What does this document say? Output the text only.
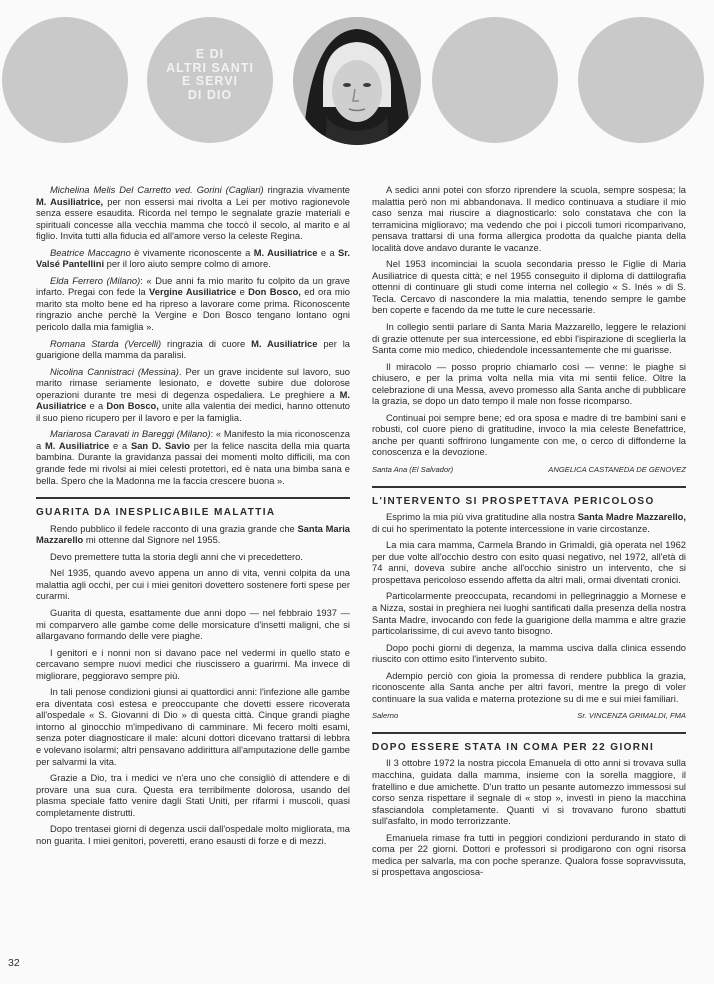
E DI
ALTRI SANTI
E SERVI
DI DIO

Michelina Melis Del Carretto ved. Gorini (Cagliari) ringrazia vivamente M. Ausiliatrice, per non essersi mai rivolta a Lei per motivo ragionevole senza essere esaudita. Ricorda nel tempo le segnalate grazie materiali e spirituali concesse alla vecchia mamma che toccò il secolo, al marito e al figlio. Invita tutti alla fiducia ed all'amore verso la celeste Regina.

Beatrice Maccagno è vivamente riconoscente a M. Ausiliatrice e a Sr. Valsé Pantellini per il loro aiuto sempre colmo di amore.

Elda Ferrero (Milano): « Due anni fa mio marito fu colpito da un grave infarto. Pregai con fede la Vergine Ausiliatrice e Don Bosco, ed ora mio marito sta molto bene ed ha ripreso a lavorare come prima. Riconoscente ringrazio anche perchè la Vergine e Don Bosco tengano lontano ogni pericolo dalla mia famiglia ».

Romana Starda (Vercelli) ringrazia di cuore M. Ausiliatrice per la guarigione della mamma da paralisi.

Nicolina Cannistraci (Messina). Per un grave incidente sul lavoro, suo marito rimase seriamente lesionato, e dovette subire due dolorose operazioni durante tre mesi di degenza ospedaliera. Le preghiere a M. Ausiliatrice e a Don Bosco, unite alla valentia dei medici, hanno ottenuto il suo pieno ricupero per il lavoro e per la famiglia.

Mariarosa Caravati in Bareggi (Milano): « Manifesto la mia riconoscenza a M. Ausiliatrice e a San D. Savio per la felice nascita della mia quarta bambina. Durante la gravidanza passai dei momenti molto difficili, ma con grande fede mi rivolsi ai miei celesti protettori, ed è nata una bimba sana e bella. Spero che la Madonna me la faccia crescere buona ».

GUARITA DA INESPLICABILE MALATTIA

Rendo pubblico il fedele racconto di una grazia grande che Santa Maria Mazzarello mi ottenne dal Signore nel 1955.

Devo premettere tutta la storia degli anni che vi precedettero.

Nel 1935, quando avevo appena un anno di vita, venni colpita da una malattia agli occhi, per cui i miei genitori dovettero sostenere forti spese per curarmi.

Guarita di questa, esattamente due anni dopo — nel febbraio 1937 — mi comparvero alle gambe come delle morsicature d'insetti maligni, che si allargavano formando delle vere piaghe.

I genitori e i nonni non si davano pace nel vedermi in quello stato e cercavano sempre nuovi medici che riuscissero a guarirmi. Ma invece di migliorare, peggioravo sempre più.

In tali penose condizioni giunsi ai quattordici anni: l'infezione alle gambe era diventata così estesa e preoccupante che dovetti essere ricoverata all'ospedale « S. Giovanni di Dio » di questa città. Cinque grandi piaghe intorno al ginocchio m'impedivano di camminare. Mi fecero molti esami, senza poter diagnosticare il male: alcuni dottori dicevano trattarsi di lebbra e volevano isolarmi; altri pensavano addirittura all'amputazione delle gambe per salvarmi la vita.

Grazie a Dio, tra i medici ve n'era uno che consigliò di attendere e di provare una sua cura. Questa era terribilmente dolorosa, usando del plasma speciale fatto venire dagli Stati Uniti, per rifarmi i muscoli, quasi completamente distrutti.

Dopo trentasei giorni di degenza uscii dall'ospedale molto migliorata, ma non guarita. I miei genitori, poveretti, erano esausti di forze e di mezzi.

A sedici anni potei con sforzo riprendere la scuola, sempre sospesa; la malattia però non mi abbandonava. Il medico continuava a studiare il mio caso senza mai riuscire a diagnosticarlo: solo constatava che con la terramicina miglioravo; ma vedendo che poi i piccoli tumori ricomparivano, pensava trattarsi di una forma allergica prodotta da qualche pianta della località dove andavo durante le vacanze.

Nel 1953 incominciai la scuola secondaria presso le Figlie di Maria Ausiliatrice di questa città; e nel 1955 conseguito il diploma di dattilografia ottenni di continuare gli studi come interna nel collegio « S. Inés » di S. Tecla. Cercavo di nascondere la mia malattia, tenendo sempre le gambe ben coperte e facendo da me tutte le cure necessarie.

In collegio sentii parlare di Santa Maria Mazzarello, leggere le relazioni di grazie ottenute per sua intercessione, ed ebbi l'ispirazione di sceglierla la Santa come mio medico, chiedendole incessantemente che mi guarisse.

Il miracolo — posso proprio chiamarlo così — venne: le piaghe si chiusero, e per la prima volta nella mia vita mi sentii felice. Oltre la celebrazione di una Messa, avevo promesso alla Santa anche di pubblicare la grazia, se dopo un dato tempo il male non fosse ricomparso.

Continuai poi sempre bene; ed ora sposa e madre di tre bambini sani e robusti, col cuore pieno di gratitudine, invoco la mia celeste Benefattrice, anche per quanti soffrirono lungamente con me, o cerco di diffonderne la conoscenza e la devozione.

Santa Ana (El Salvador)	ANGELICA CASTANEDA DE GENOVEZ

L'INTERVENTO SI PROSPETTAVA PERICOLOSO

Esprimo la mia più viva gratitudine alla nostra Santa Madre Mazzarello, di cui ho sperimentato la potente intercessione in varie circostanze.

La mia cara mamma, Carmela Brando in Grimaldi, già operata nel 1962 per due volte all'occhio destro con esito quasi negativo, nel 1972, all'età di 74 anni, doveva subire anche all'occhio sinistro un intervento, che si prospettava pericoloso essendo affetta da altri mali, ormai diventati cronici.

Particolarmente preoccupata, recandomi in pellegrinaggio a Mornese e a Nizza, sostai in preghiera nei luoghi santificati dalla presenza della nostra Santa Madre, invocando con fede la guarigione della mamma e altre grazie particolarissime, di cui avevo tanto bisogno.

Dopo pochi giorni di degenza, la mamma usciva dalla clinica essendo riuscito con ottimo esito l'intervento subito.

Adempio perciò con gioia la promessa di rendere pubblica la grazia, riconoscente alla Santa anche per altri favori, mentre la prego di voler continuare la sua valida e materna protezione su di me e sui miei familiari.

Salerno	Sr. VINCENZA GRIMALDI, FMA

DOPO ESSERE STATA IN COMA PER 22 GIORNI

Il 3 ottobre 1972 la nostra piccola Emanuela di otto anni si trovava sulla macchina, guidata dalla mamma, insieme con la sorella maggiore, il fratellino e due amichette. D'un tratto un pesante automezzo immessosi sul corso senza rispettare il segnale di « stop », investì in pieno la macchina sfasciandola completamente. Quanti vi si trovavano furono sbattuti sull'asfalto, in modo terrorizzante.

Emanuela rimase fra tutti in peggiori condizioni perdurando in stato di coma per 22 giorni. Dottori e professori si prodigarono con ogni risorsa medica per salvarla, ma con poche speranze. Qualora fosse sopravvissuta, si prospettava angosciosa-

32
